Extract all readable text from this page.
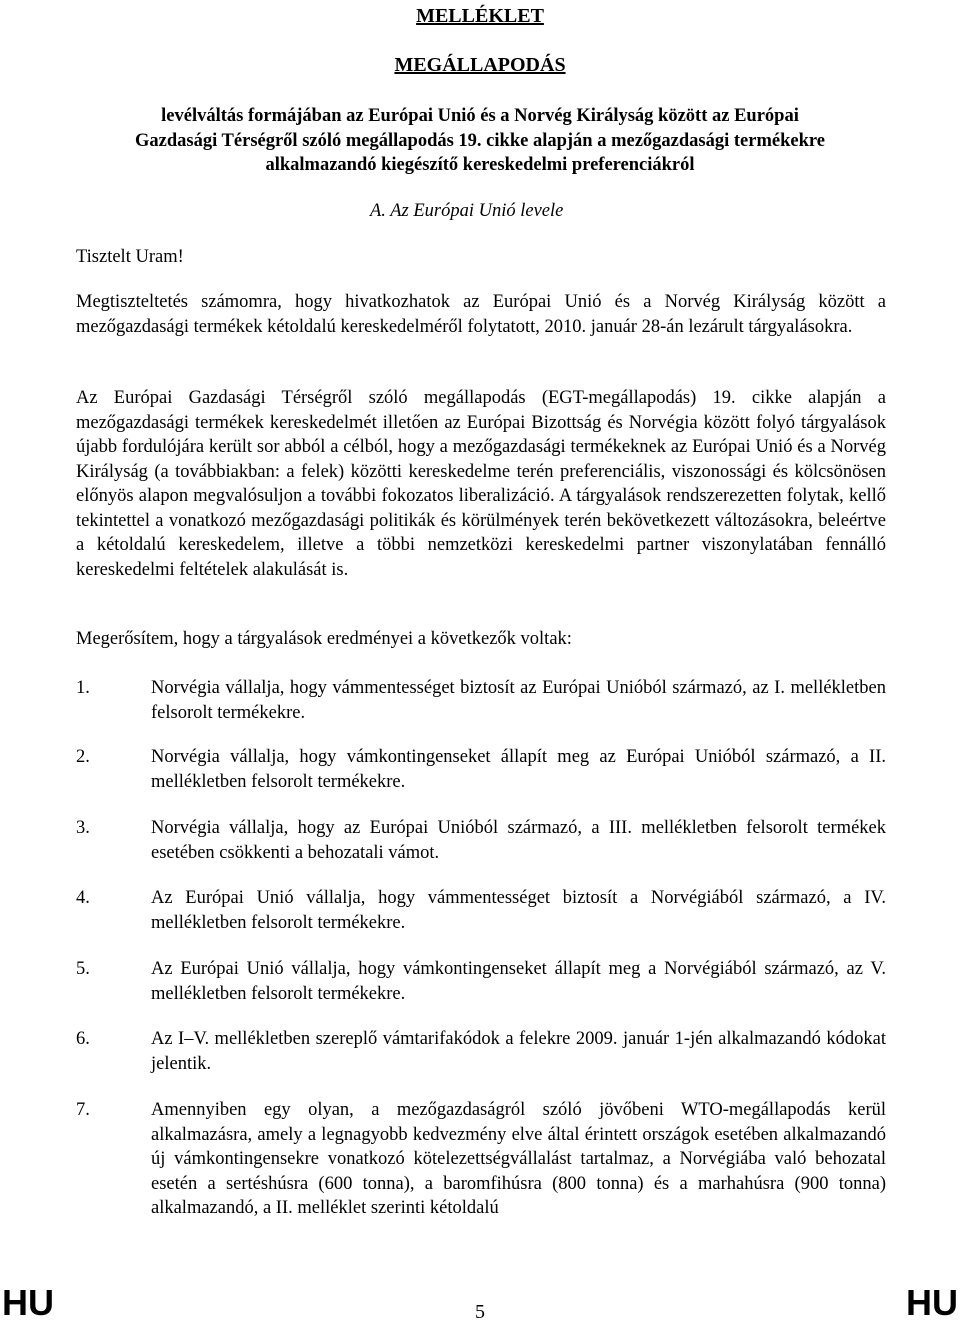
MELLÉKLET
MEGÁLLAPODÁS
levélváltás formájában az Európai Unió és a Norvég Királyság között az Európai
Gazdasági Térségről szóló megállapodás 19. cikke alapján a mezőgazdasági termékekre
alkalmazandó kiegészítő kereskedelmi preferenciákról

A. Az Európai Unió levele

Tisztelt Uram!

Megtiszteltetés számomra, hogy hivatkozhatok az Európai Unió és a Norvég Királyság között a mezőgazdasági termékek kétoldalú kereskedelméről folytatott, 2010. január 28-án lezárult tárgyalásokra.

Az Európai Gazdasági Térségről szóló megállapodás (EGT-megállapodás) 19. cikke alapján a mezőgazdasági termékek kereskedelmét illetően az Európai Bizottság és Norvégia között folyó tárgyalások újabb fordulójára került sor abból a célból, hogy a mezőgazdasági termékeknek az Európai Unió és a Norvég Királyság (a továbbiakban: a felek) közötti kereskedelme terén preferenciális, viszonossági és kölcsönösen előnyös alapon megvalósuljon a további fokozatos liberalizáció. A tárgyalások rendszerezetten folytak, kellő tekintettel a vonatkozó mezőgazdasági politikák és körülmények terén bekövetkezett változásokra, beleértve a kétoldalú kereskedelem, illetve a többi nemzetközi kereskedelmi partner viszonylatában fennálló kereskedelmi feltételek alakulását is.

Megerősítem, hogy a tárgyalások eredményei a következők voltak:

1.	Norvégia vállalja, hogy vámmentességet biztosít az Európai Unióból származó, az I. mellékletben felsorolt termékekre.
2.	Norvégia vállalja, hogy vámkontingenseket állapít meg az Európai Unióból származó, a II. mellékletben felsorolt termékekre.
3.	Norvégia vállalja, hogy az Európai Unióból származó, a III. mellékletben felsorolt termékek esetében csökkenti a behozatali vámot.
4.	Az Európai Unió vállalja, hogy vámmentességet biztosít a Norvégiából származó, a IV. mellékletben felsorolt termékekre.
5.	Az Európai Unió vállalja, hogy vámkontingenseket állapít meg a Norvégiából származó, az V. mellékletben felsorolt termékekre.
6.	Az I–V. mellékletben szereplő vámtarifakódok a felekre 2009. január 1-jén alkalmazandó kódokat jelentik.
7.	Amennyiben egy olyan, a mezőgazdaságról szóló jövőbeni WTO-megállapodás kerül alkalmazásra, amely a legnagyobb kedvezmény elve által érintett országok esetében alkalmazandó új vámkontingensekre vonatkozó kötelezettségvállalást tartalmaz, a Norvégiába való behozatal esetén a sertéshúsra (600 tonna), a baromfihúsra (800 tonna) és a marhahúsra (900 tonna) alkalmazandó, a II. melléklet szerinti kétoldalú
HU	5	HU
